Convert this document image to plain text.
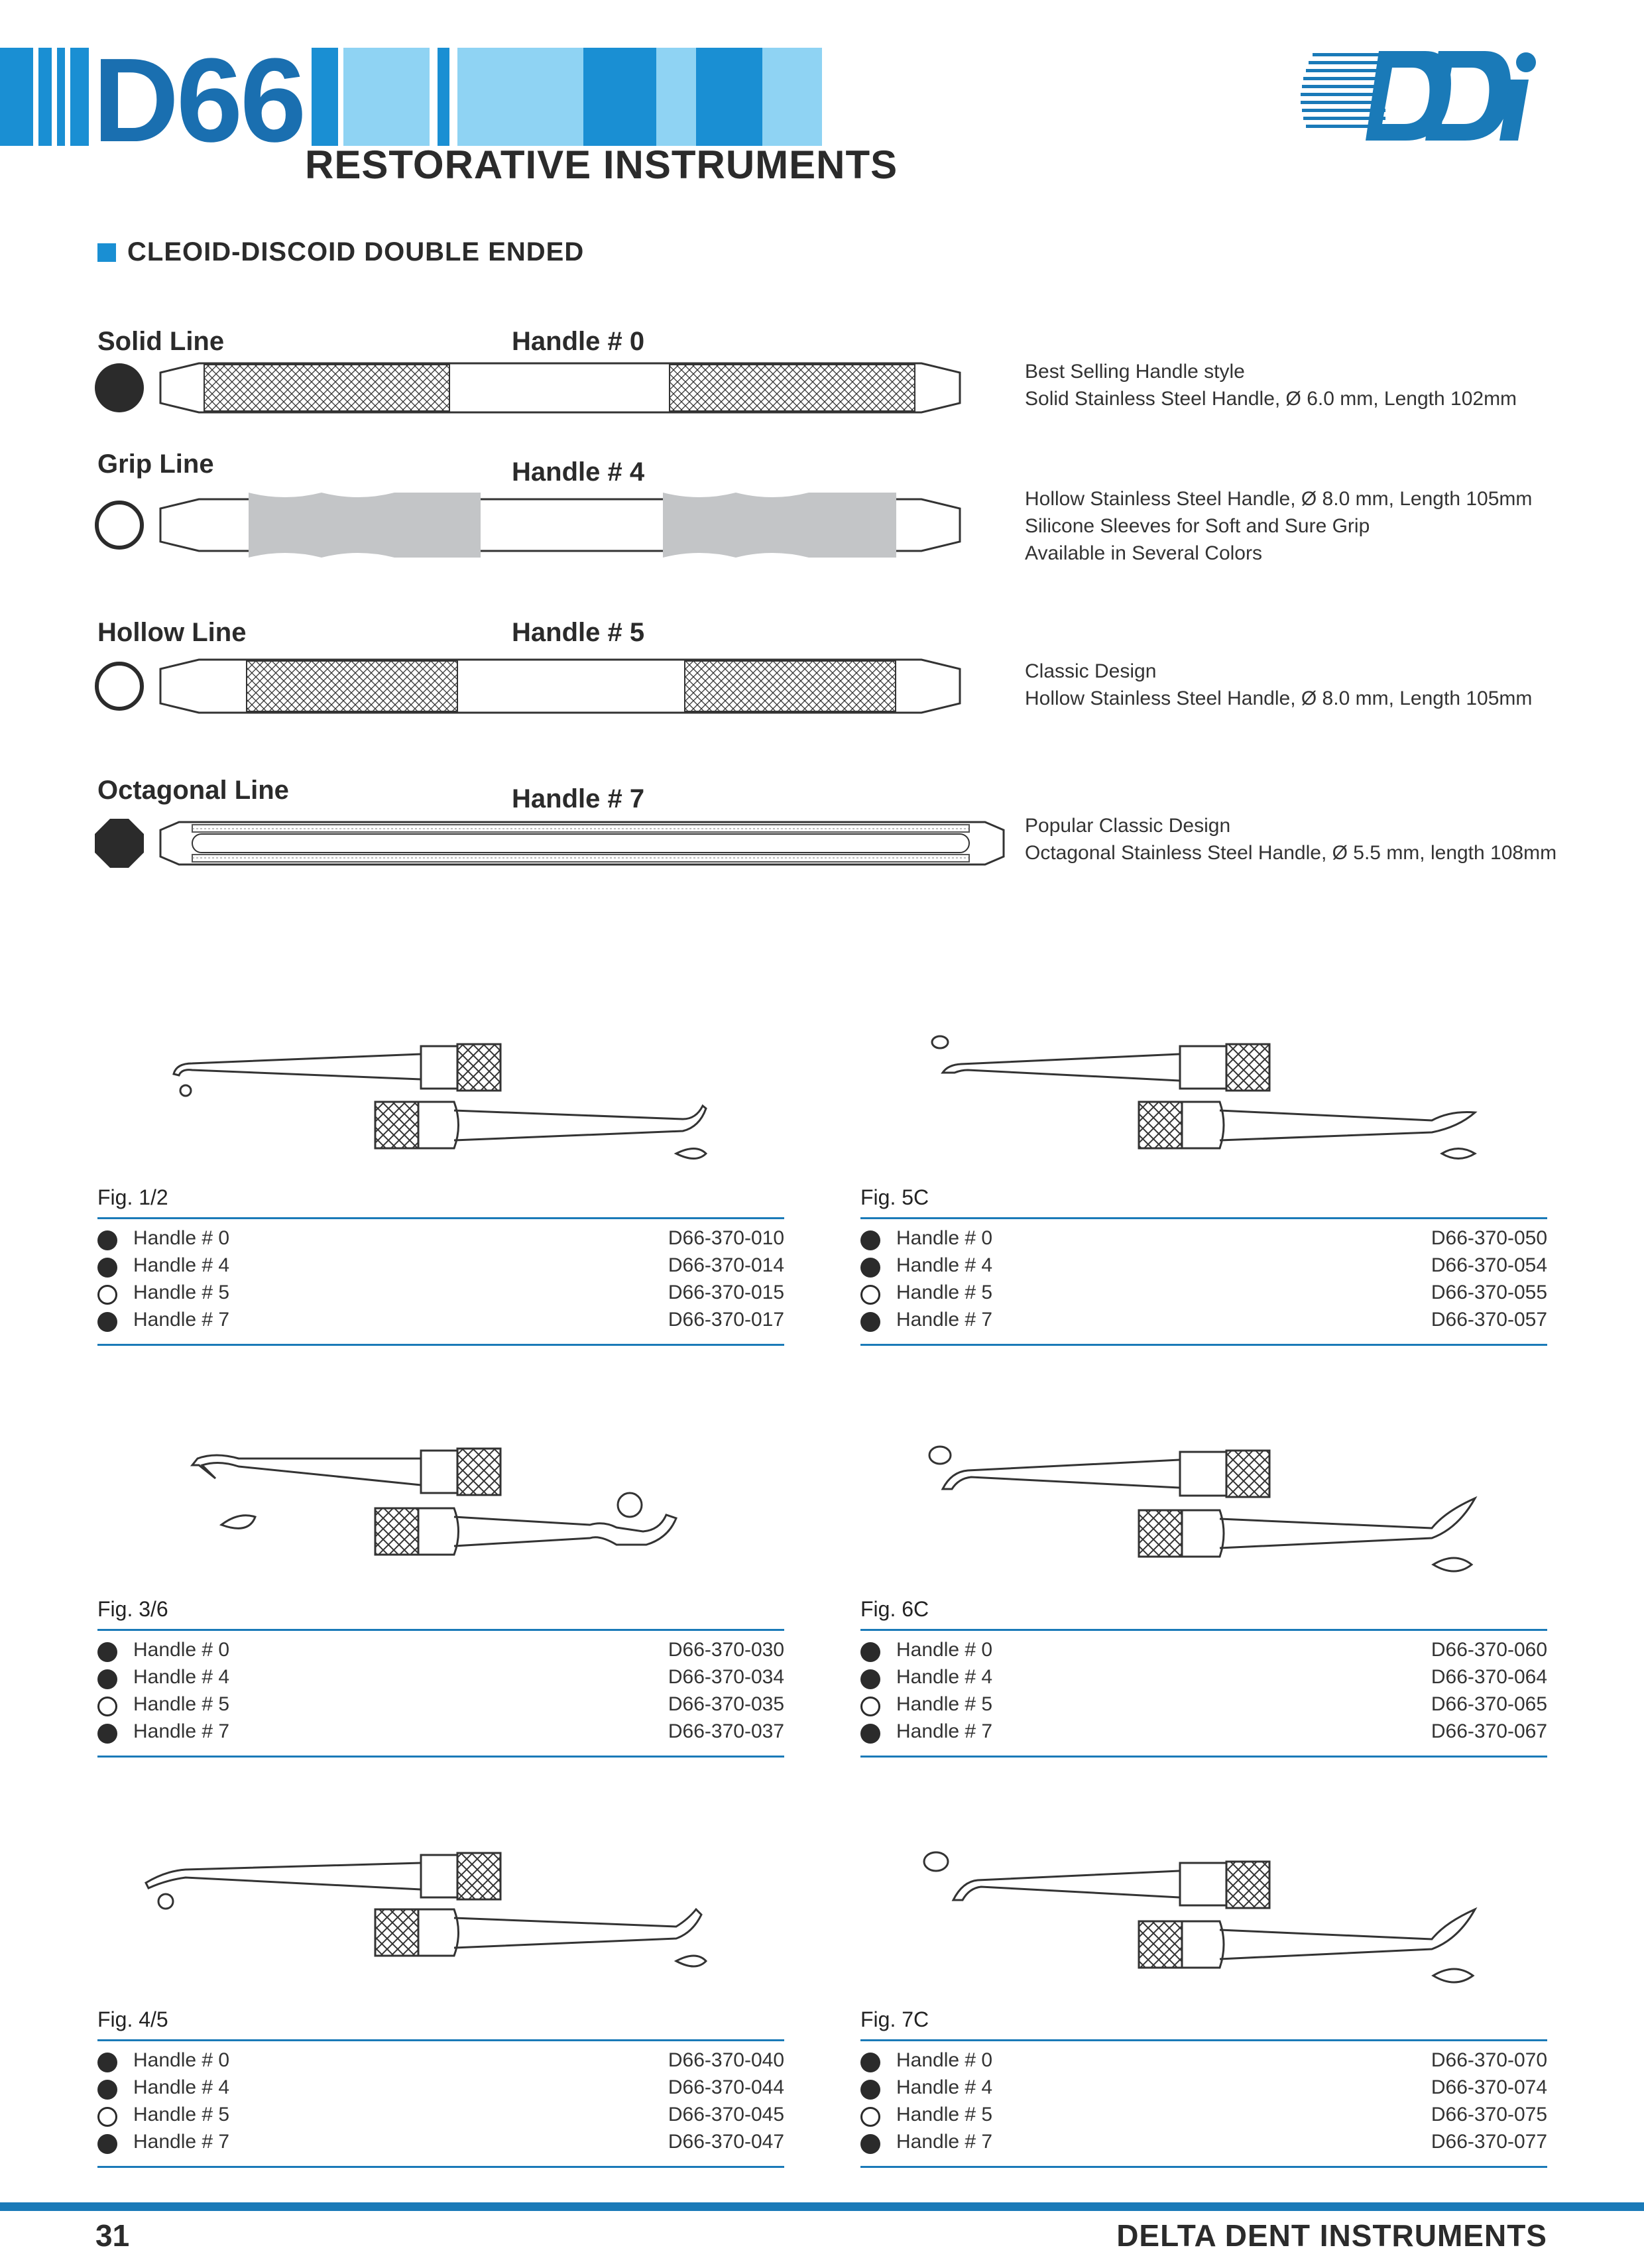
D66 RESTORATIVE INSTRUMENTS
CLEOID-DISCOID DOUBLE ENDED
Solid Line	Handle # 0
Best Selling Handle style
Solid Stainless Steel Handle, Ø 6.0 mm, Length 102mm
Grip Line	Handle # 4
Hollow Stainless Steel Handle, Ø 8.0 mm, Length 105mm
Silicone Sleeves for Soft and Sure Grip
Available in Several Colors
Hollow Line	Handle # 5
Classic Design
Hollow Stainless Steel Handle, Ø 8.0 mm, Length 105mm
Octagonal Line	Handle # 7
Popular Classic Design
Octagonal Stainless Steel Handle, Ø 5.5 mm, length 108mm
Fig. 1/2
Handle # 0	D66-370-010
Handle # 4	D66-370-014
Handle # 5	D66-370-015
Handle # 7	D66-370-017
Fig. 5C
Handle # 0	D66-370-050
Handle # 4	D66-370-054
Handle # 5	D66-370-055
Handle # 7	D66-370-057
Fig. 3/6
Handle # 0	D66-370-030
Handle # 4	D66-370-034
Handle # 5	D66-370-035
Handle # 7	D66-370-037
Fig. 6C
Handle # 0	D66-370-060
Handle # 4	D66-370-064
Handle # 5	D66-370-065
Handle # 7	D66-370-067
Fig. 4/5
Handle # 0	D66-370-040
Handle # 4	D66-370-044
Handle # 5	D66-370-045
Handle # 7	D66-370-047
Fig. 7C
Handle # 0	D66-370-070
Handle # 4	D66-370-074
Handle # 5	D66-370-075
Handle # 7	D66-370-077
31	DELTA DENT INSTRUMENTS
